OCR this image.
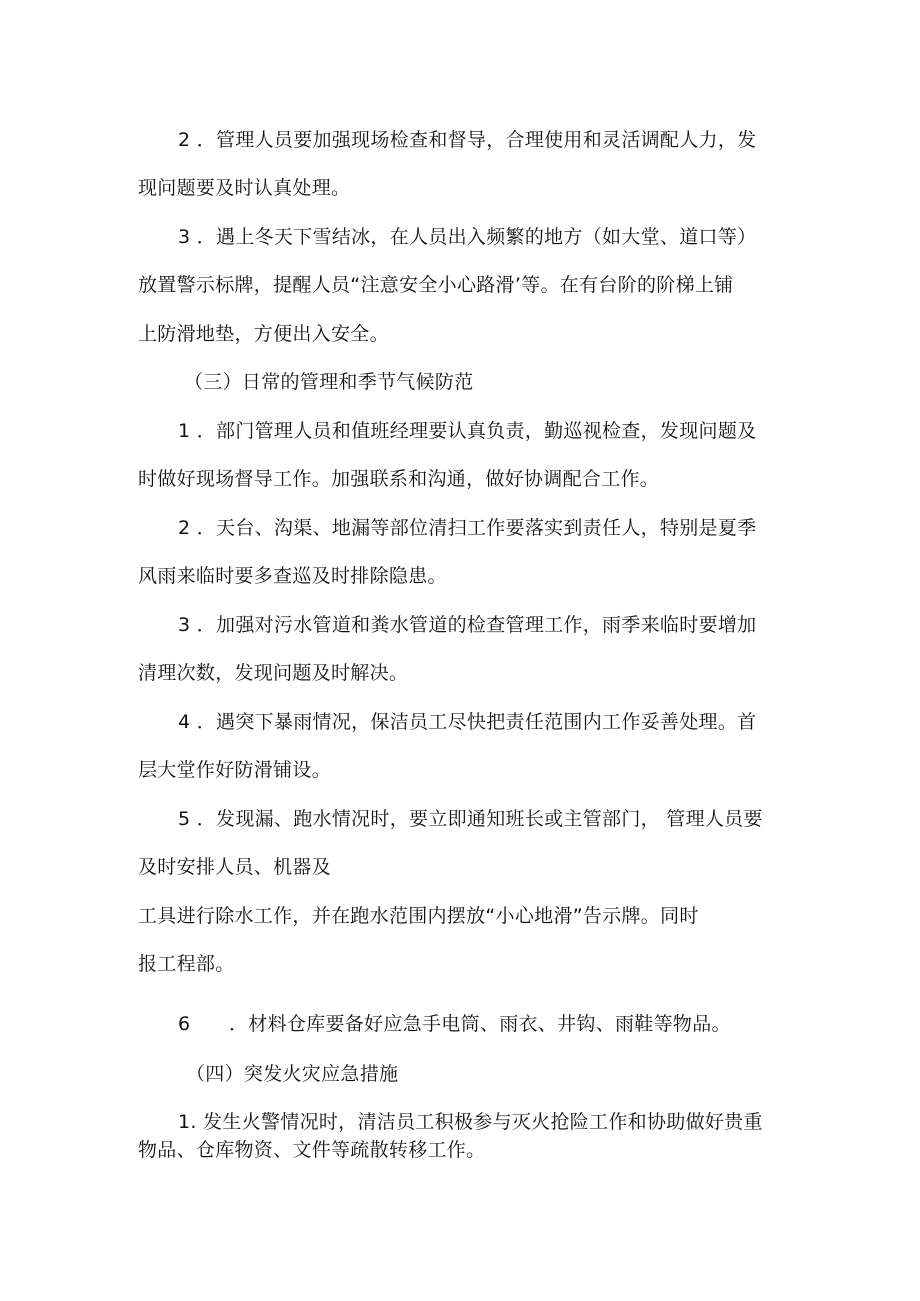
2 ．管理人员要加强现场检查和督导，合理使用和灵活调配人力，发
现问题要及时认真处理。
3 ．遇上冬天下雪结冰，在人员出入频繁的地方（如大堂、道口等）
放置警示标牌，提醒人员“注意安全小心路滑’等。在有台阶的阶梯上铺
上防滑地垫，方便出入安全。
（三）日常的管理和季节气候防范
1 ．部门管理人员和值班经理要认真负责，勤巡视检查，发现问题及
时做好现场督导工作。加强联系和沟通，做好协调配合工作。
2 ．天台、沟渠、地漏等部位清扫工作要落实到责任人，特别是夏季
风雨来临时要多查巡及时排除隐患。
3 ．加强对污水管道和粪水管道的检查管理工作，雨季来临时要增加
清理次数，发现问题及时解决。
4 ．遇突下暴雨情况，保洁员工尽快把责任范围内工作妥善处理。首
层大堂作好防滑铺设。
5 ．发现漏、跑水情况时，要立即通知班长或主管部门， 管理人员要
及时安排人员、机器及
工具进行除水工作，并在跑水范围内摆放“小心地滑”告示牌。同时
报工程部。
6　　．材料仓库要备好应急手电筒、雨衣、井钩、雨鞋等物品。
（四）突发火灾应急措施
1. 发生火警情况时，清洁员工积极参与灭火抢险工作和协助做好贵重
物品、仓库物资、文件等疏散转移工作。
